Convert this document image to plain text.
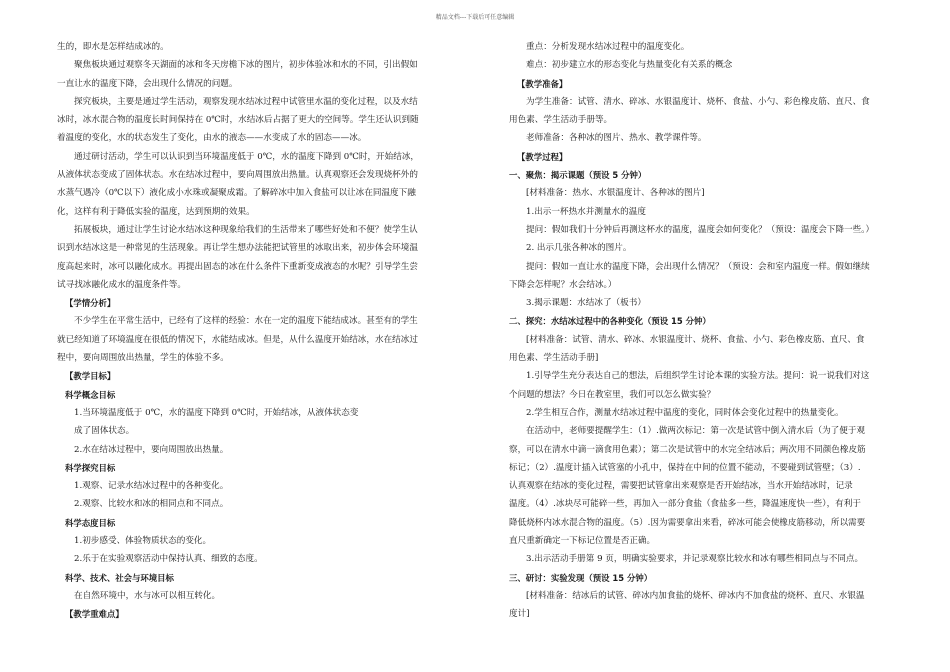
精品文档---下载后可任意编辑
生的，即水是怎样结成冰的。
聚焦板块通过观察冬天湖面的冰和冬天房檐下冰的图片，初步体验冰和水的不同，引出假如
一直让水的温度下降，会出现什么情况的问题。
探究板块，主要是通过学生活动，观察发现水结冰过程中试管里水温的变化过程，以及水结
冰时，冰水混合物的温度长时间保持在 0℃时，水结冰后占据了更大的空间等。学生还认识到随
着温度的变化，水的状态发生了变化，由水的液态——水变成了水的固态——冰。
通过研讨活动，学生可以认识到当环境温度低于 0℃，水的温度下降到 0℃时，开始结冰，
从液体状态变成了固体状态。水在结冰过程中，要向周围放出热量。认真观察还会发现烧杯外的
水蒸气遇冷（0℃以下）液化成小水珠或凝聚成霜。了解碎冰中加入食盐可以让冰在同温度下融
化，这样有利于降低实验的温度，达到预期的效果。
拓展板块，通过让学生讨论水结冰这种现象给我们的生活带来了哪些好处和不便？使学生认
识到水结冰这是一种常见的生活现象。再让学生想办法能把试管里的冰取出来，初步体会环境温
度高起来时，冰可以融化成水。再提出固态的冰在什么条件下重新变成液态的水呢？引导学生尝
试寻找冰融化成水的温度条件等。
【学情分析】
不少学生在平常生活中，已经有了这样的经验：水在一定的温度下能结成冰。甚至有的学生
就已经知道了环境温度在很低的情况下，水能结成冰。但是，从什么温度开始结冰，水在结冰过
程中，要向周围放出热量，学生的体验不多。
【教学目标】
科学概念目标
1.当环境温度低于 0℃，水的温度下降到 0℃时，开始结冰，从液体状态变
成了固体状态。
2.水在结冰过程中，要向周围放出热量。
科学探究目标
1.观察、记录水结冰过程中的各种变化。
2.观察、比较水和冰的相同点和不同点。
科学态度目标
1.初步感受、体验物质状态的变化。
2.乐于在实验观察活动中保持认真、细致的态度。
科学、技术、社会与环境目标
在自然环境中，水与冰可以相互转化。
【教学重难点】
重点：分析发现水结冰过程中的温度变化。
难点：初步建立水的形态变化与热量变化有关系的概念
【教学准备】
为学生准备：试管、清水、碎冰、水银温度计、烧杯、食盐、小勺、彩色橡皮筋、直尺、食
用色素、学生活动手册等。
老师准备：各种冰的图片、热水、教学课件等。
【教学过程】
一、聚焦：揭示课题（预设 5 分钟）
[材料准备：热水、水银温度计、各种冰的图片]
1.出示一杯热水并测量水的温度
提问：假如我们十分钟后再测这杯水的温度，温度会如何变化？（预设：温度会下降一些。）
2. 出示几张各种冰的图片。
提问：假如一直让水的温度下降，会出现什么情况？（预设：会和室内温度一样。假如继续
下降会怎样呢？水会结冰。）
3.揭示课题：水结冰了（板书）
二、探究：水结冰过程中的各种变化（预设 15 分钟）
[材料准备：试管、清水、碎冰、水银温度计、烧杯、食盐、小勺、彩色橡皮筋、直尺、食
用色素、学生活动手册]
1.引导学生充分表达自己的想法，后组织学生讨论本课的实验方法。提问：说一说我们对这
个问题的想法？今日在教室里，我们可以怎么做实验？
2.学生相互合作，测量水结冰过程中温度的变化，同时体会变化过程中的热量变化。
在活动中，老师要提醒学生：（1）.做两次标记：第一次是试管中倒入清水后（为了便于观
察，可以在清水中滴一滴食用色素）；第二次是试管中的水完全结冰后；两次用不同颜色橡皮筋
标记；（2）.温度计插入试管塞的小孔中，保持在中间的位置不能动，不要碰到试管壁；（3）.
认真观察在结冰的变化过程，需要把试管拿出来观察是否开始结冰，当水开始结冰时，记录
温度。（4）.冰块尽可能碎一些，再加入一部分食盐（食盐多一些，降温速度快一些），有利于
降低烧杯内冰水混合物的温度。（5）.因为需要拿出来看，碎冰可能会使橡皮筋移动，所以需要
直尺重新确定一下标记位置是否正确。
3.出示活动手册第 9 页，明确实验要求，并记录观察比较水和冰有哪些相同点与不同点。
三、研讨：实验发现（预设 15 分钟）
[材料准备：结冰后的试管、碎冰内加食盐的烧杯、碎冰内不加食盐的烧杯、直尺、水银温
度计]
